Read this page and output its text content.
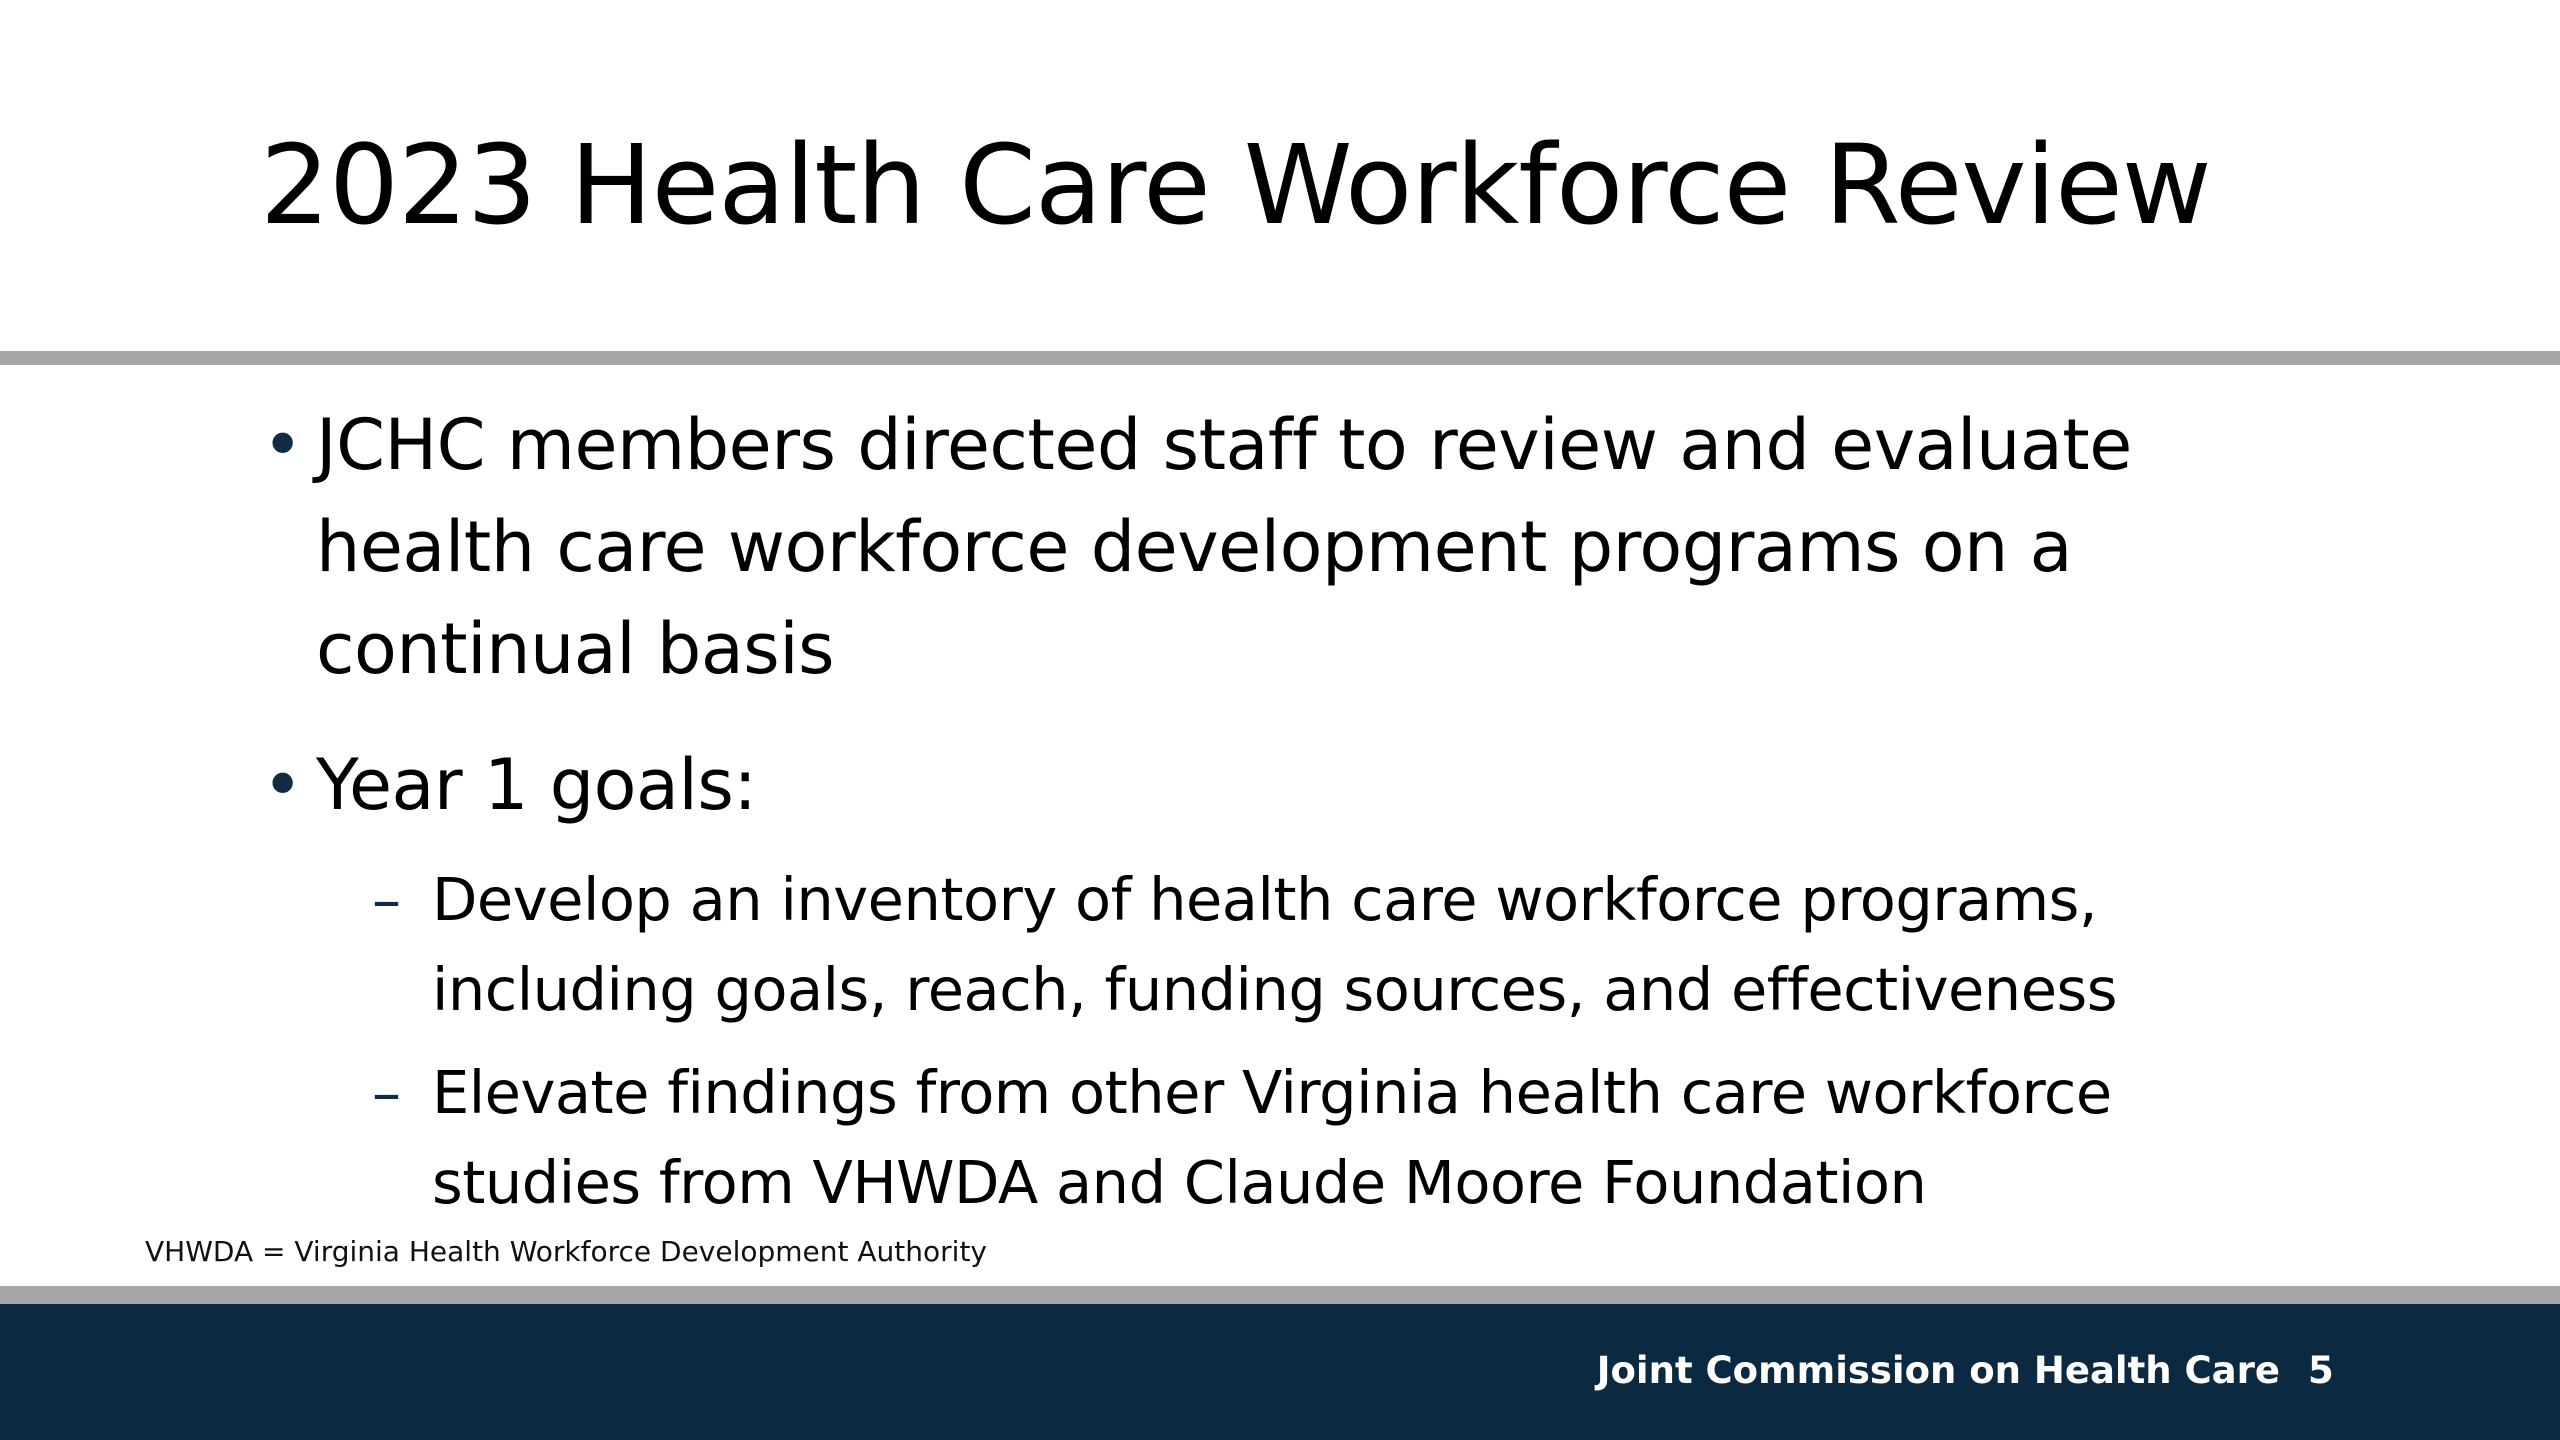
2023 Health Care Workforce Review
• JCHC members directed staff to review and evaluate
health care workforce development programs on a
continual basis
• Year 1 goals:
– Develop an inventory of health care workforce programs,
including goals, reach, funding sources, and effectiveness
– Elevate findings from other Virginia health care workforce
studies from VHWDA and Claude Moore Foundation
VHWDA = Virginia Health Workforce Development Authority
Joint Commission on Health Care 5
